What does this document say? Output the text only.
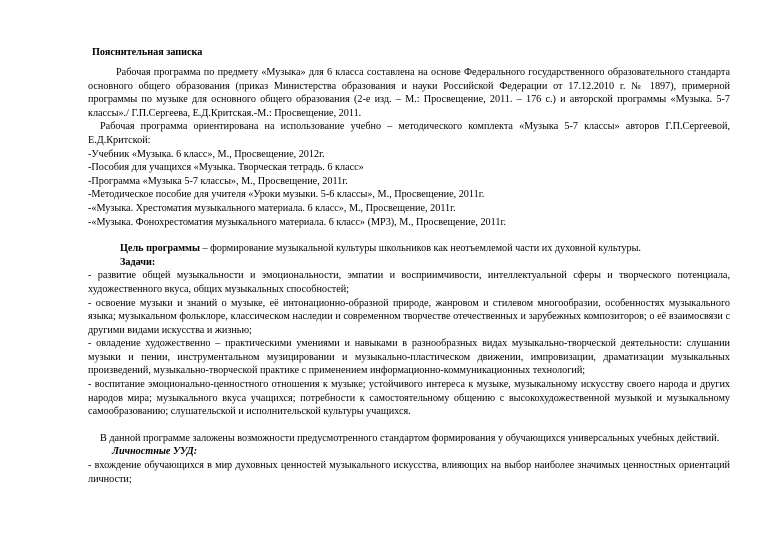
Пояснительная записка

Рабочая программа по предмету «Музыка» для 6 класса составлена на основе Федерального государственного образовательного стандарта основного общего образования (приказ Министерства образования и науки Российской Федерации от 17.12.2010 г. № 1897), примерной программы по музыке для основного общего образования (2-е изд. – М.: Просвещение, 2011. – 176 с.) и авторской программы «Музыка. 5-7 классы»./ Г.П.Сергеева, Е.Д.Критская.-М.: Просвещение, 2011.

Рабочая программа ориентирована на использование учебно – методического комплекта «Музыка 5-7 классы» авторов Г.П.Сергеевой, Е.Д.Критской:

-Учебник «Музыка. 6 класс», М., Просвещение, 2012г.

-Пособия для учащихся «Музыка. Творческая тетрадь. 6 класс»

-Программа «Музыка 5-7 классы», М., Просвещение, 2011г.

-Методическое пособие для учителя «Уроки музыки. 5-6 классы», М., Просвещение, 2011г.

-«Музыка. Хрестоматия музыкального материала. 6 класс», М., Просвещение, 2011г.

-«Музыка. Фонохрестоматия музыкального материала. 6 класс» (MP3), М., Просвещение, 2011г.

Цель программы – формирование музыкальной культуры школьников как неотъемлемой части их духовной культуры.

Задачи:

- развитие общей музыкальности и эмоциональности, эмпатии и восприимчивости, интеллектуальной сферы и творческого потенциала, художественного вкуса, общих музыкальных способностей;

- освоение музыки и знаний о музыке, её интонационно-образной природе, жанровом и стилевом многообразии, особенностях музыкального языка; музыкальном фольклоре, классическом наследии и современном творчестве отечественных и зарубежных композиторов; о её взаимосвязи с другими видами искусства и жизнью;

- овладение художественно – практическими умениями и навыками в разнообразных видах музыкально-творческой деятельности: слушании музыки и пении, инструментальном музицировании и музыкально-пластическом движении, импровизации, драматизации музыкальных произведений, музыкально-творческой практике с применением информационно-коммуникационных технологий;

- воспитание эмоционально-ценностного отношения к музыке; устойчивого интереса к музыке, музыкальному искусству своего народа и других народов мира; музыкального вкуса учащихся; потребности к самостоятельному общению с высокохудожественной музыкой и музыкальному самообразованию; слушательской и исполнительской культуры учащихся.

В данной программе заложены возможности предусмотренного стандартом формирования у обучающихся универсальных учебных действий.

Личностные УУД:

- вхождение обучающихся в мир духовных ценностей музыкального искусства, влияющих на выбор наиболее значимых ценностных ориентаций личности;
